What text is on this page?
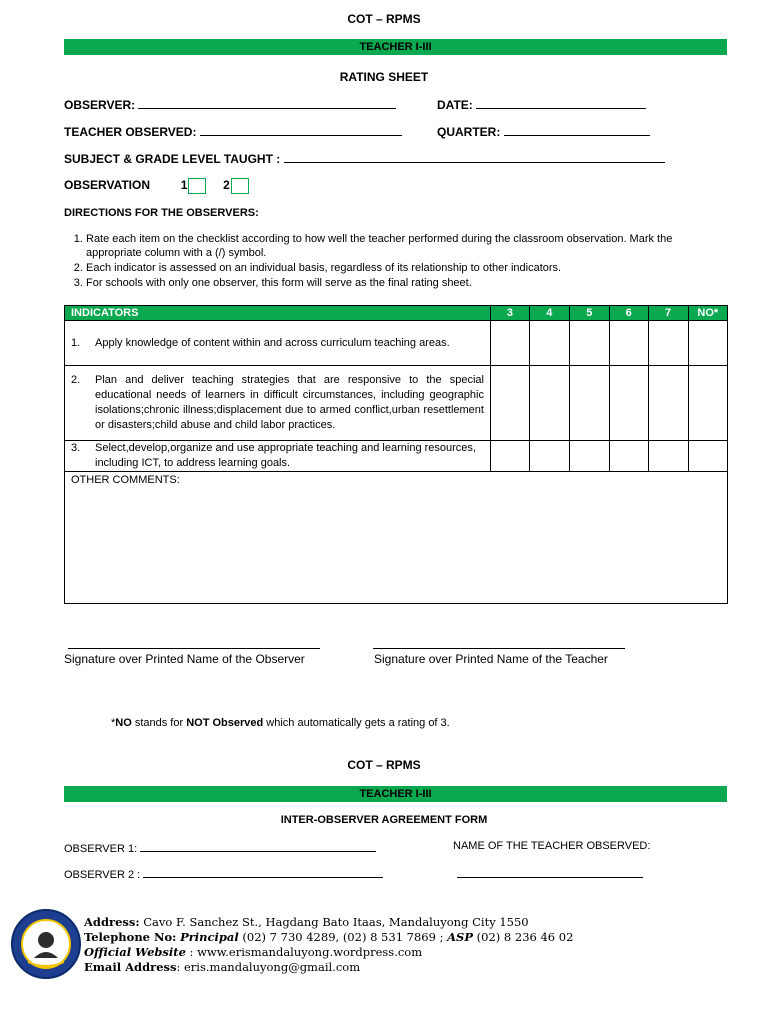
COT – RPMS
TEACHER I-III
RATING SHEET
OBSERVER:	DATE:
TEACHER OBSERVED:	QUARTER:
SUBJECT & GRADE LEVEL TAUGHT :
OBSERVATION	1	2
DIRECTIONS FOR THE OBSERVERS:
1. Rate each item on the checklist according to how well the teacher performed during the classroom observation. Mark the appropriate column with a (/) symbol.
2. Each indicator is assessed on an individual basis, regardless of its relationship to other indicators.
3. For schools with only one observer, this form will serve as the final rating sheet.
INDICATORS	3	4	5	6	7	NO*

1. Apply knowledge of content within and across curriculum teaching areas.						

2. Plan and deliver teaching strategies that are responsive to the special educational needs of learners in difficult circumstances, including geographic isolations;chronic illness;displacement due to armed conflict,urban resettlement or disasters;child abuse and child labor practices.						

3. Select,develop,organize and use appropriate teaching and learning resources, including ICT, to address learning goals.						

OTHER COMMENTS:
Signature over Printed Name of the Observer	Signature over Printed Name of the Teacher
*NO stands for NOT Observed which automatically gets a rating of 3.
COT – RPMS
TEACHER I-III
INTER-OBSERVER AGREEMENT FORM
OBSERVER 1:	NAME OF THE TEACHER OBSERVED:
OBSERVER 2 :
Address: Cavo F. Sanchez St., Hagdang Bato Itaas, Mandaluyong City 1550
Telephone No: Principal (02) 7 730 4289, (02) 8 531 7869 ; ASP (02) 8 236 46 02
Official Website : www.erismandaluyong.wordpress.com
Email Address: eris.mandaluyong@gmail.com
